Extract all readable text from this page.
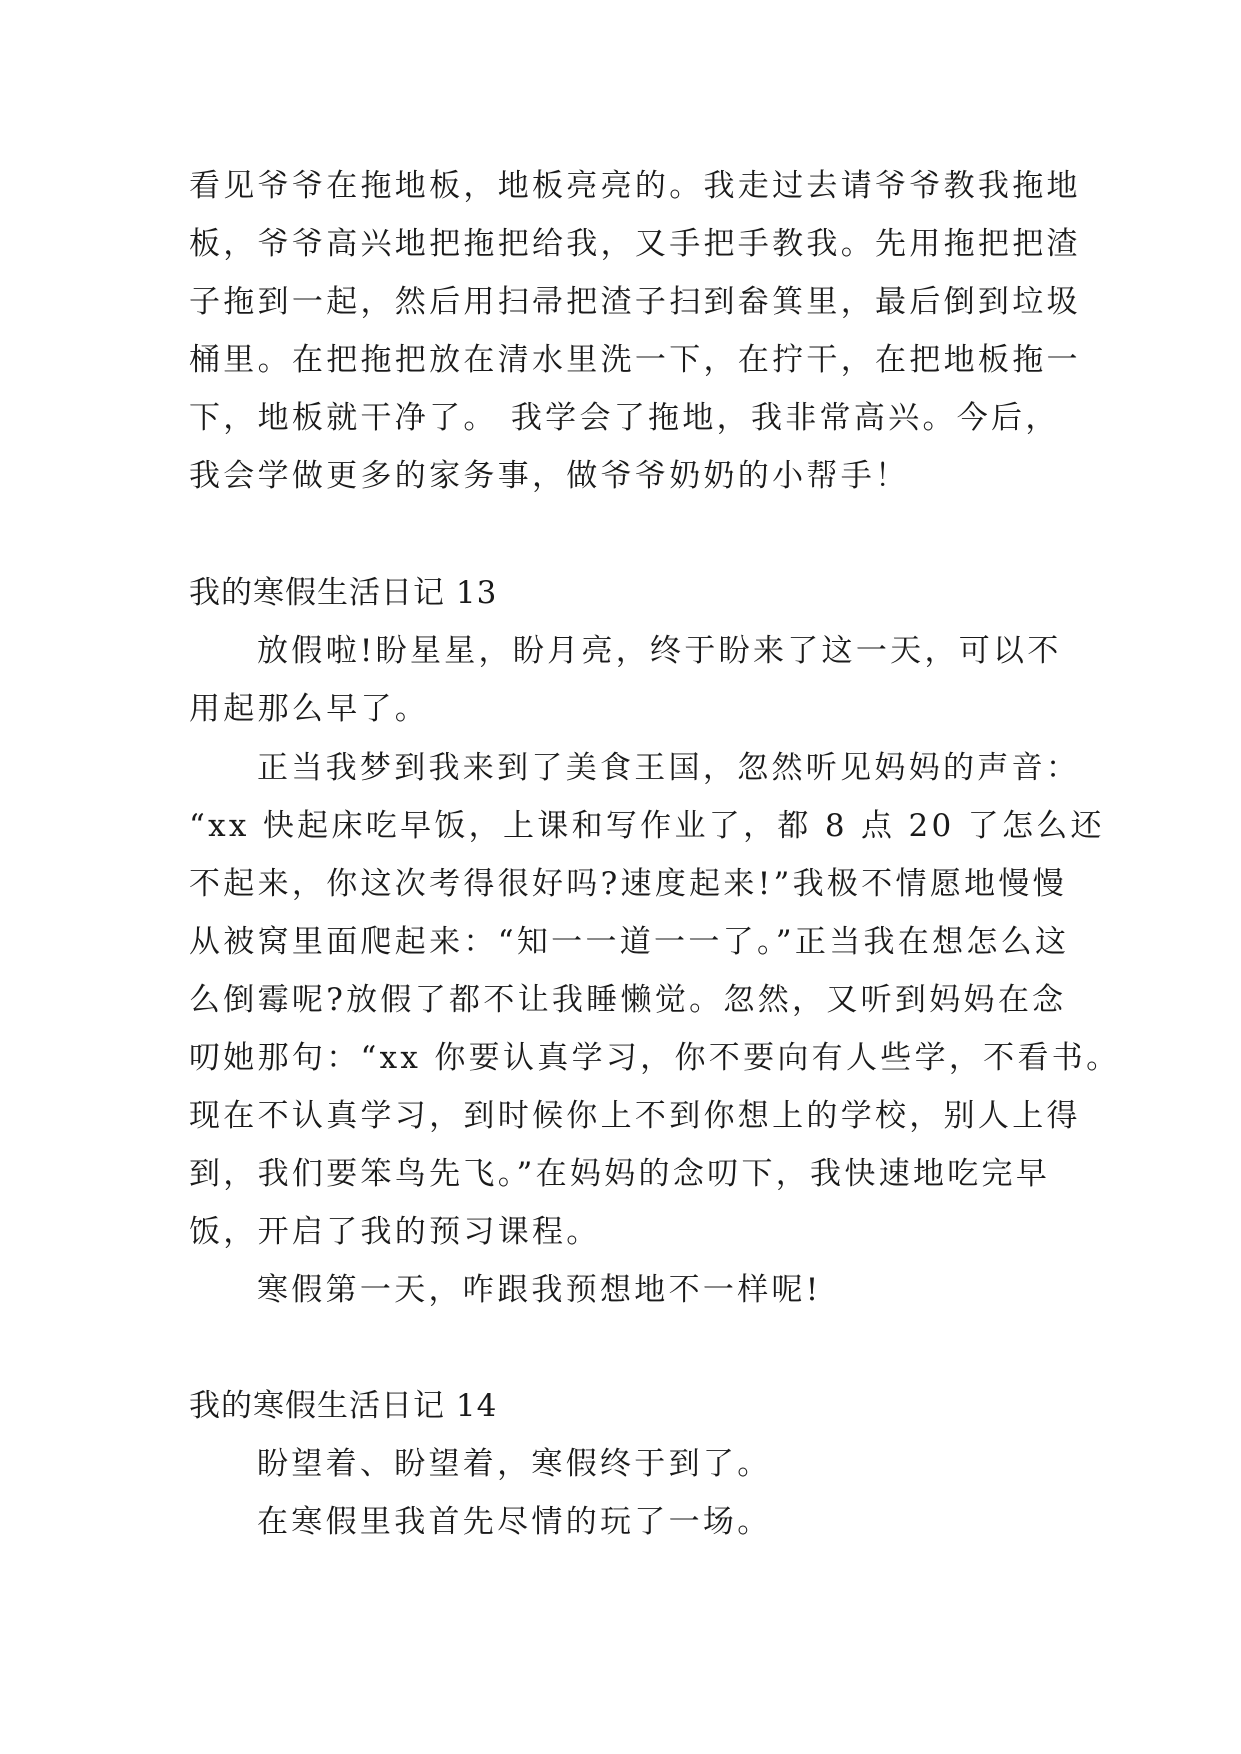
看见爷爷在拖地板，地板亮亮的。我走过去请爷爷教我拖地
板，爷爷高兴地把拖把给我，又手把手教我。先用拖把把渣
子拖到一起，然后用扫帚把渣子扫到畚箕里，最后倒到垃圾
桶里。在把拖把放在清水里洗一下，在拧干，在把地板拖一
下，地板就干净了。 我学会了拖地，我非常高兴。今后，
我会学做更多的家务事，做爷爷奶奶的小帮手！
我的寒假生活日记 13
放假啦!盼星星，盼月亮，终于盼来了这一天，可以不
用起那么早了。
正当我梦到我来到了美食王国，忽然听见妈妈的声音：
“xx 快起床吃早饭，上课和写作业了，都 8 点 20 了怎么还
不起来，你这次考得很好吗?速度起来!”我极不情愿地慢慢
从被窝里面爬起来：“知一一道一一了。”正当我在想怎么这
么倒霉呢?放假了都不让我睡懒觉。忽然，又听到妈妈在念
叨她那句：“xx 你要认真学习，你不要向有人些学，不看书。
现在不认真学习，到时候你上不到你想上的学校，别人上得
到，我们要笨鸟先飞。”在妈妈的念叨下，我快速地吃完早
饭，开启了我的预习课程。
寒假第一天，咋跟我预想地不一样呢!
我的寒假生活日记 14
盼望着、盼望着，寒假终于到了。
在寒假里我首先尽情的玩了一场。
